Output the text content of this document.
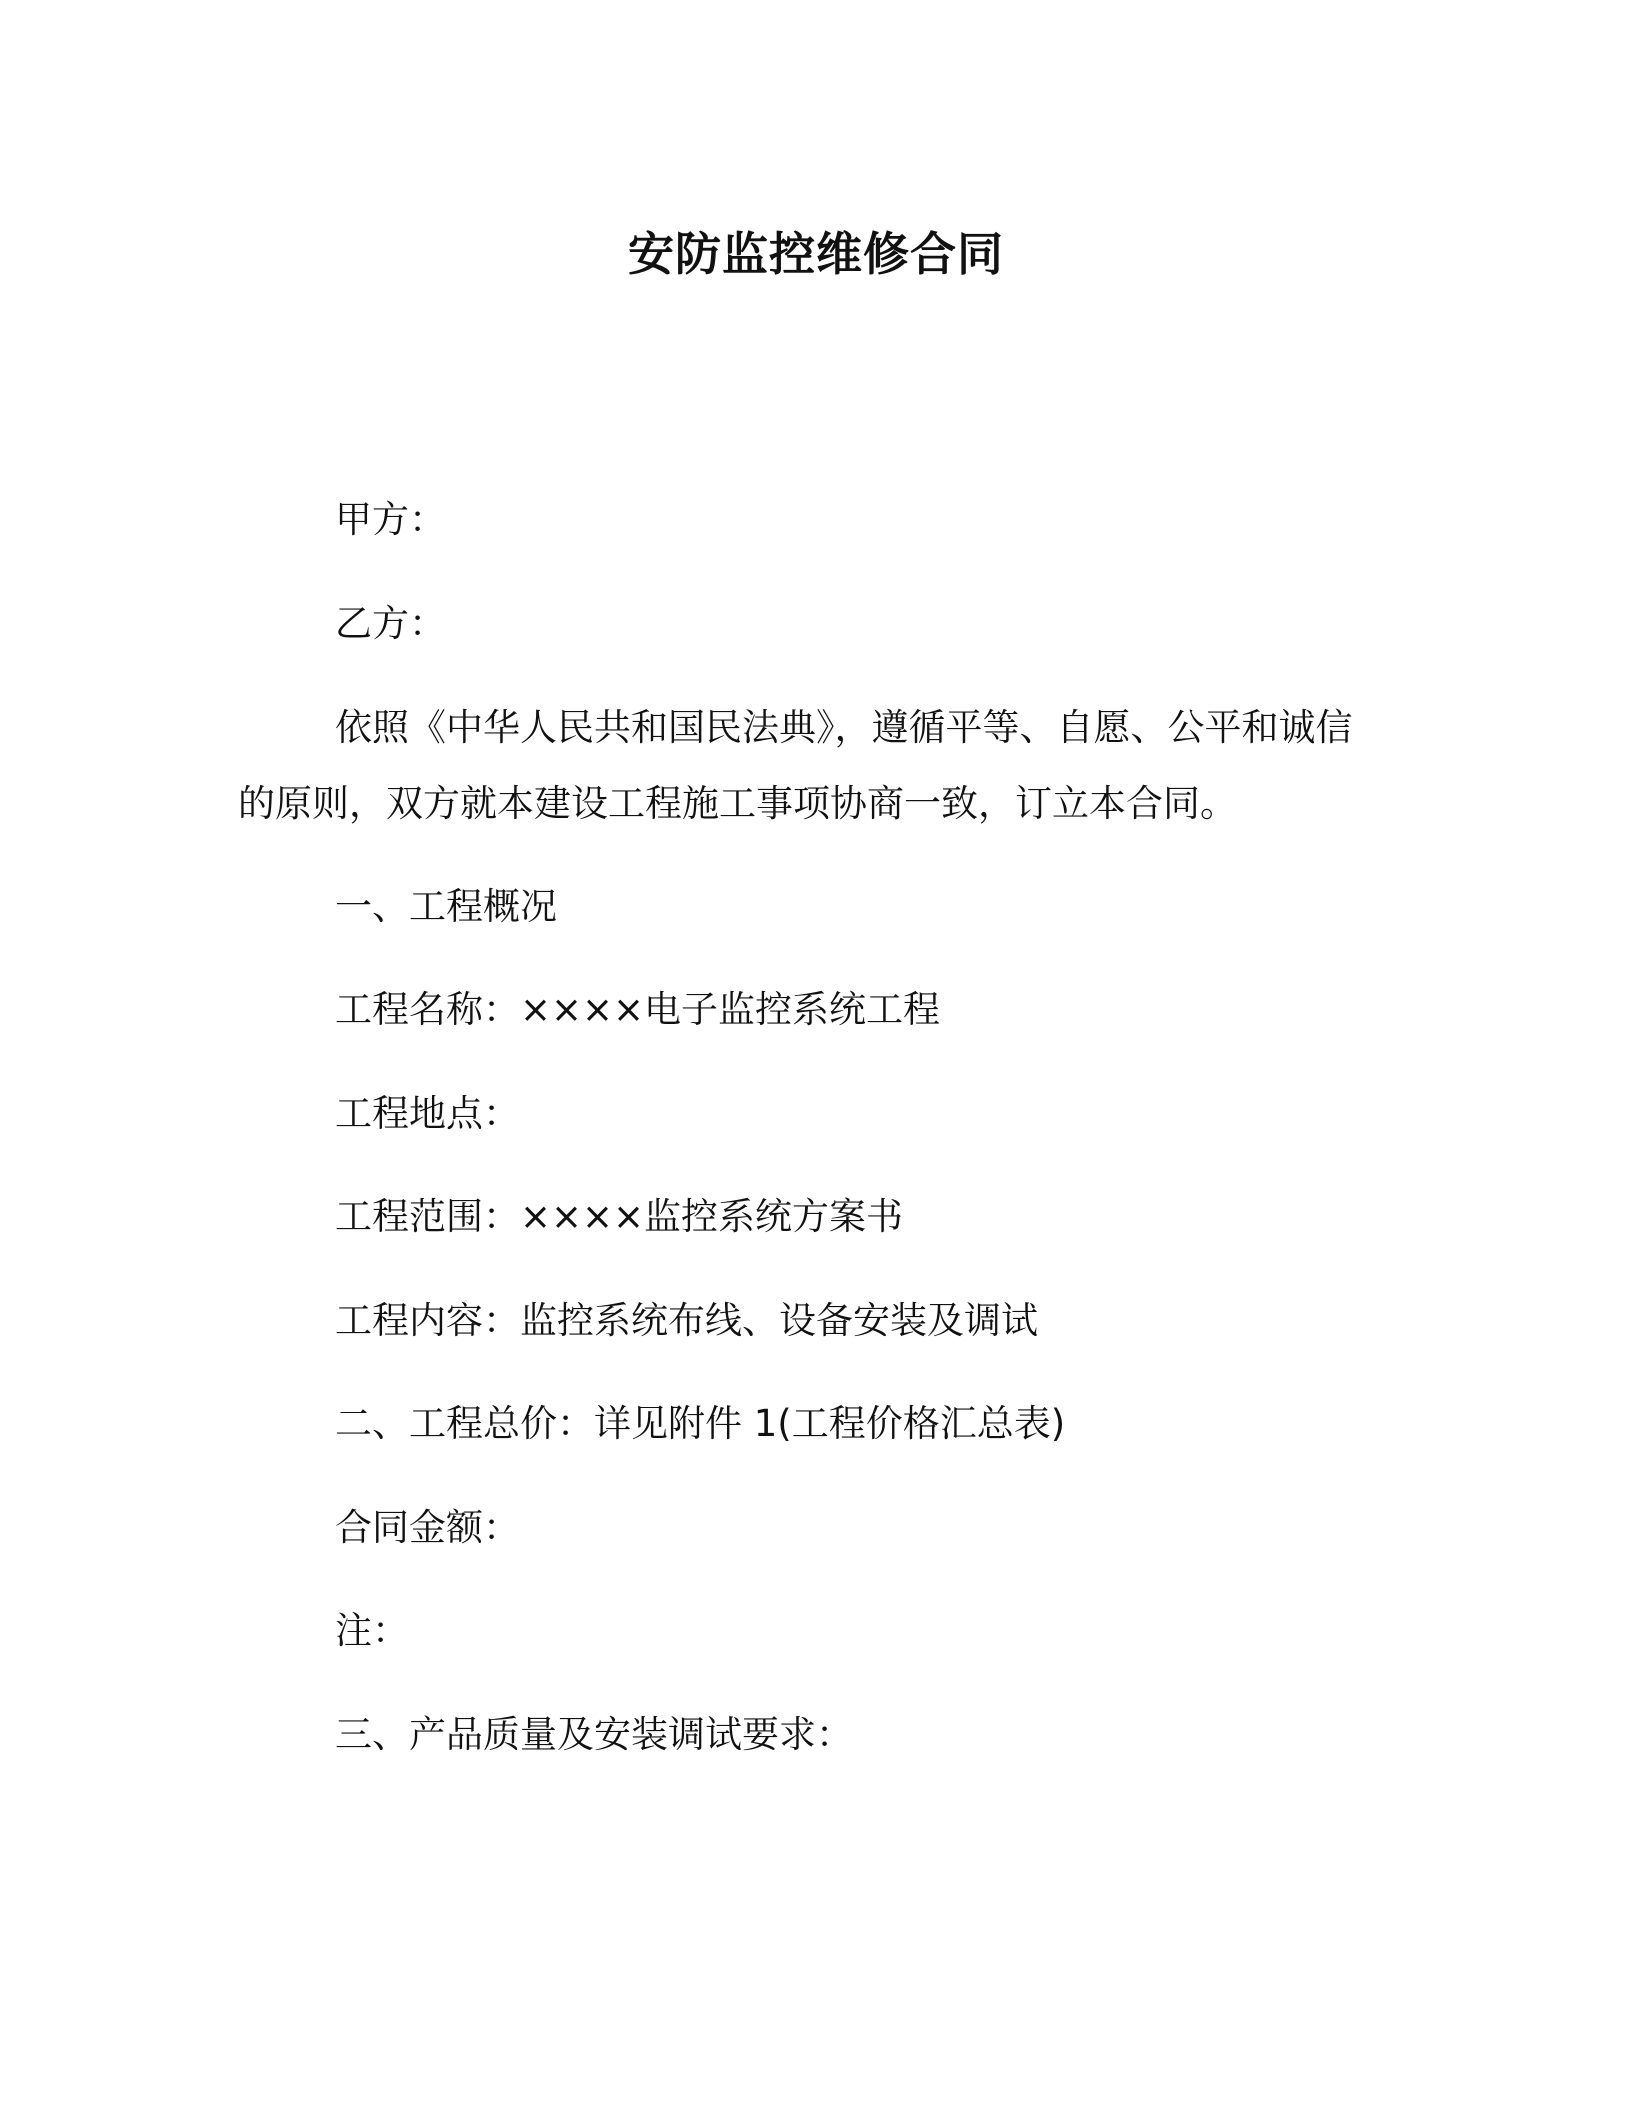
安防监控维修合同
甲方：
乙方：
依照《中华人民共和国民法典》，遵循平等、自愿、公平和诚信
的原则，双方就本建设工程施工事项协商一致，订立本合同。
一、工程概况
工程名称：××××电子监控系统工程
工程地点：
工程范围：××××监控系统方案书
工程内容：监控系统布线、设备安装及调试
二、工程总价：详见附件 1(工程价格汇总表)
合同金额：
注：
三、产品质量及安装调试要求：
